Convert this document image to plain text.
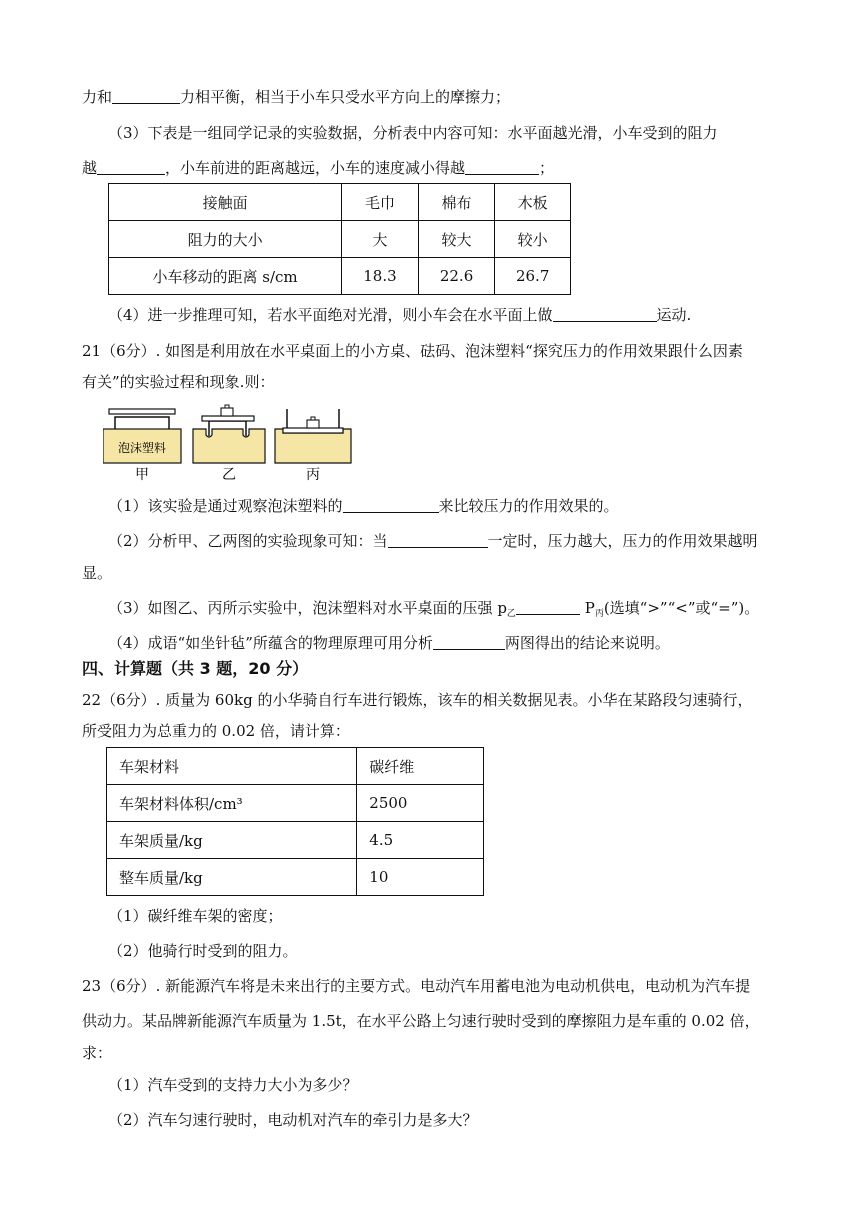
力和	力相平衡，相当于小车只受水平方向上的摩擦力；
（3）下表是一组同学记录的实验数据，分析表中内容可知：水平面越光滑，小车受到的阻力
越	，小车前进的距离越远，小车的速度减小得越	；
接触面	毛巾	棉布	木板
阻力的大小	大	较大	较小
小车移动的距离 s/cm	18.3	22.6	26.7
（4）进一步推理可知，若水平面绝对光滑，则小车会在水平面上做	运动.
21（6分）. 如图是利用放在水平桌面上的小方桌、砝码、泡沫塑料“探究压力的作用效果跟什么因素
有关”的实验过程和现象.则：
泡沫塑料
甲	乙	丙
（1）该实验是通过观察泡沫塑料的	来比较压力的作用效果的。
（2）分析甲、乙两图的实验现象可知：当	一定时，压力越大，压力的作用效果越明
显。
（3）如图乙、丙所示实验中，泡沫塑料对水平桌面的压强 $p_乙$	$P_丙$(选填“>”“<”或“=”)。
（4）成语“如坐针毡”所蕴含的物理原理可用分析	两图得出的结论来说明。
四、计算题（共 3 题，20 分）
22（6分）. 质量为 60kg 的小华骑自行车进行锻炼，该车的相关数据见表。小华在某路段匀速骑行，
所受阻力为总重力的 0.02 倍，请计算：
车架材料	碳纤维
车架材料体积/cm³	2500
车架质量/kg	4.5
整车质量/kg	10
（1）碳纤维车架的密度；
（2）他骑行时受到的阻力。
23（6分）. 新能源汽车将是未来出行的主要方式。电动汽车用蓄电池为电动机供电，电动机为汽车提
供动力。某品牌新能源汽车质量为 1.5t，在水平公路上匀速行驶时受到的摩擦阻力是车重的 0.02 倍，
求：
（1）汽车受到的支持力大小为多少？
（2）汽车匀速行驶时，电动机对汽车的牵引力是多大？
